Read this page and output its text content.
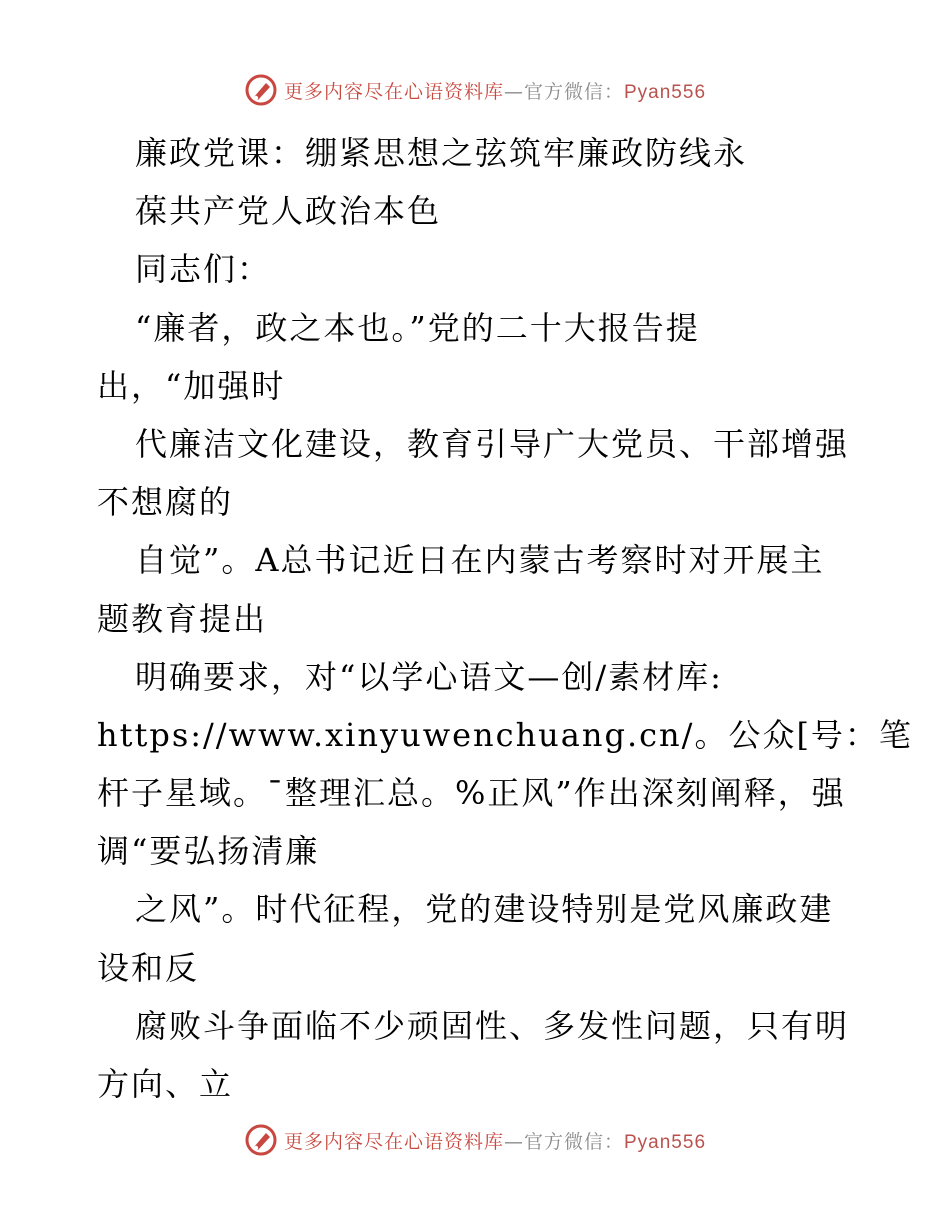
更多内容尽在心语资料库—官方微信：Pyan556
廉政党课：绷紧思想之弦筑牢廉政防线永
葆共产党人政治本色
同志们：
“廉者，政之本也。”党的二十大报告提
出，“加强时
代廉洁文化建设，教育引导广大党员、干部增强
不想腐的
自觉”。A总书记近日在内蒙古考察时对开展主
题教育提出
明确要求，对“以学心语文—创/素材库:
https://www.xinyuwenchuang.cn/。公众[号：笔
杆子星域。¯整理汇总。%正风”作出深刻阐释，强
调“要弘扬清廉
之风”。时代征程，党的建设特别是党风廉政建
设和反
腐败斗争面临不少顽固性、多发性问题，只有明
方向、立
更多内容尽在心语资料库—官方微信：Pyan556
